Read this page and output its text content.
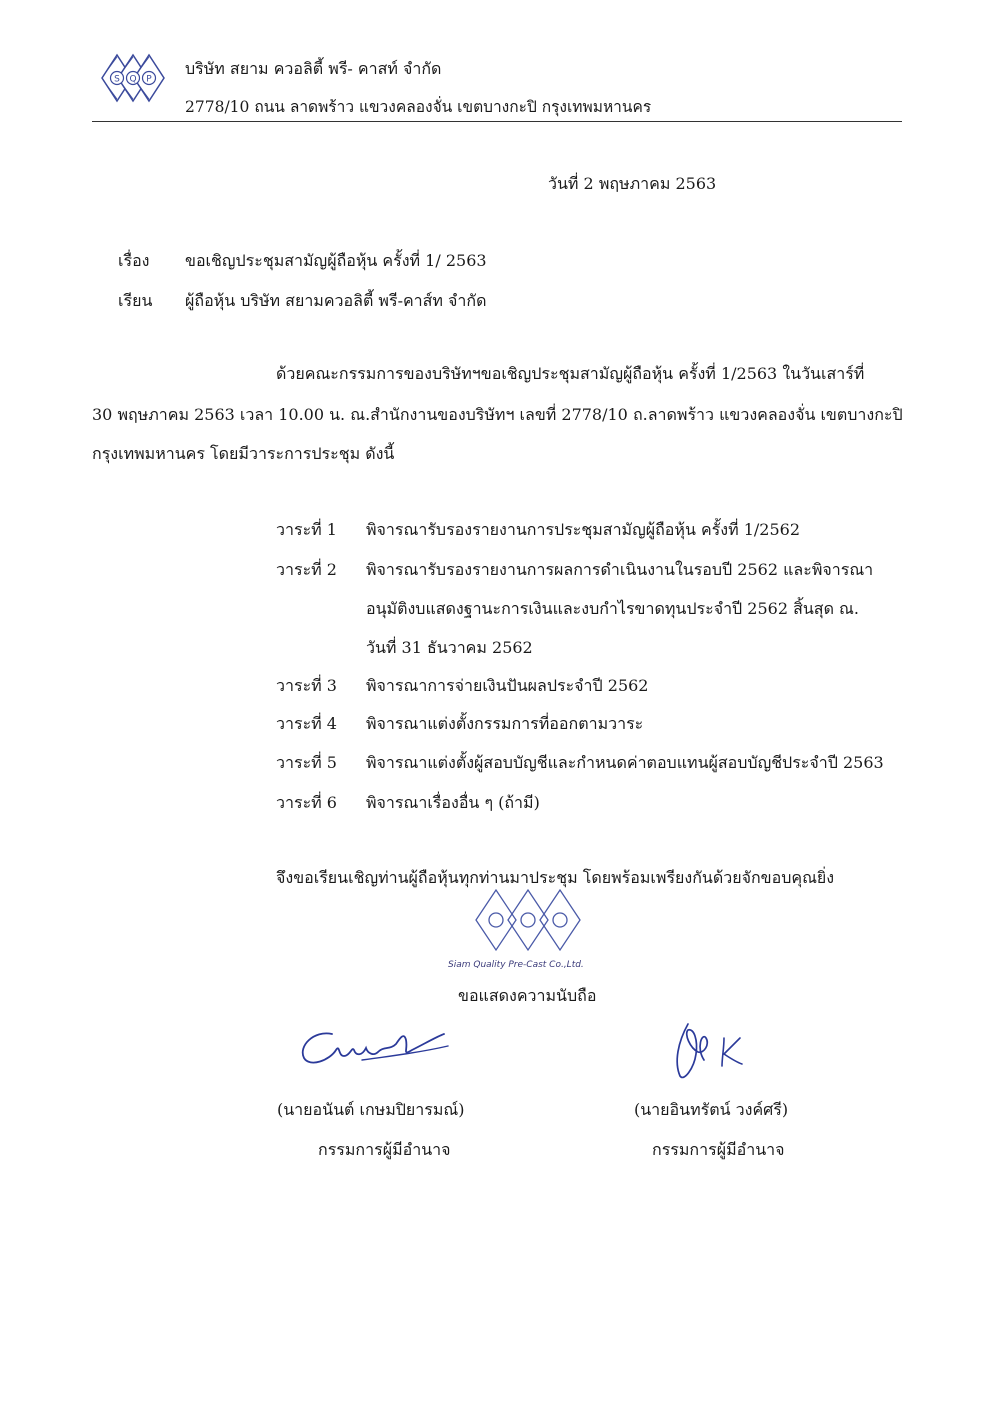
S Q P
บริษัท สยาม ควอลิตี้ พรี- คาสท์ จำกัด
2778/10 ถนน ลาดพร้าว แขวงคลองจั่น เขตบางกะปิ กรุงเทพมหานคร
วันที่ 2 พฤษภาคม 2563
เรื่อง ขอเชิญประชุมสามัญผู้ถือหุ้น ครั้งที่ 1/ 2563
เรียน ผู้ถือหุ้น บริษัท สยามควอลิตี้ พรี-คาส์ท จำกัด
ด้วยคณะกรรมการของบริษัทฯขอเชิญประชุมสามัญผู้ถือหุ้น ครั้งที่ 1/2563 ในวันเสาร์ที่
30 พฤษภาคม 2563 เวลา 10.00 น. ณ.สำนักงานของบริษัทฯ เลขที่ 2778/10 ถ.ลาดพร้าว แขวงคลองจั่น เขตบางกะปิ
กรุงเทพมหานคร โดยมีวาระการประชุม ดังนี้
วาระที่ 1 พิจารณารับรองรายงานการประชุมสามัญผู้ถือหุ้น ครั้งที่ 1/2562
วาระที่ 2 พิจารณารับรองรายงานการผลการดำเนินงานในรอบปี 2562 และพิจารณา
อนุมัติงบแสดงฐานะการเงินและงบกำไรขาดทุนประจำปี 2562 สิ้นสุด ณ.
วันที่ 31 ธันวาคม 2562
วาระที่ 3 พิจารณาการจ่ายเงินปันผลประจำปี 2562
วาระที่ 4 พิจารณาแต่งตั้งกรรมการที่ออกตามวาระ
วาระที่ 5 พิจารณาแต่งตั้งผู้สอบบัญชีและกำหนดค่าตอบแทนผู้สอบบัญชีประจำปี 2563
วาระที่ 6 พิจารณาเรื่องอื่น ๆ (ถ้ามี)
จึงขอเรียนเชิญท่านผู้ถือหุ้นทุกท่านมาประชุม โดยพร้อมเพรียงกันด้วยจักขอบคุณยิ่ง
Siam Quality Pre-Cast Co.,Ltd.
ขอแสดงความนับถือ
(นายอนันต์ เกษมปิยารมณ์)	(นายอินทรัตน์ วงค์ศรี)
กรรมการผู้มีอำนาจ	กรรมการผู้มีอำนาจ
